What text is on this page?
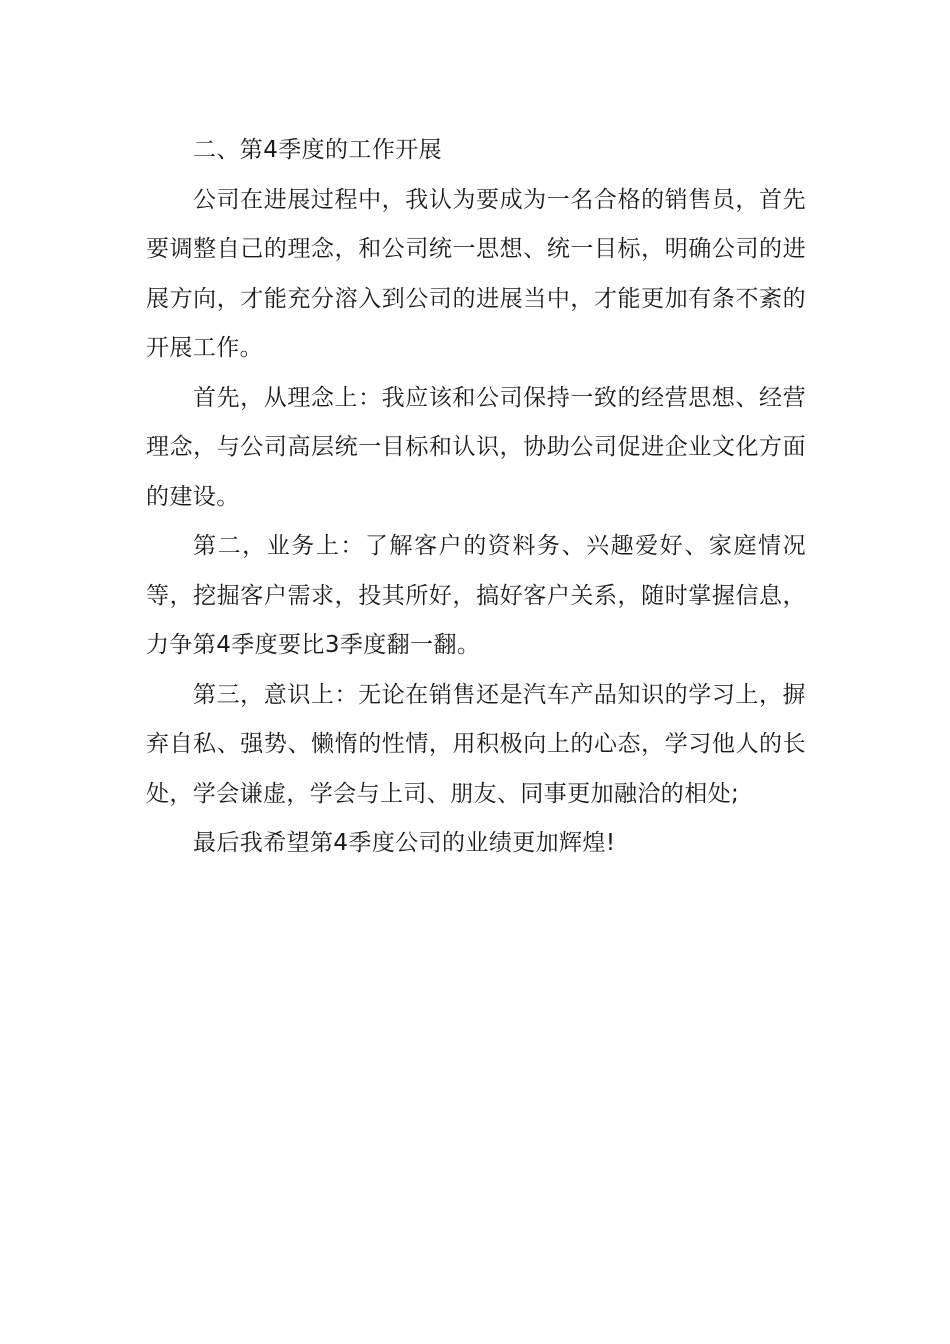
二、第4季度的工作开展

公司在进展过程中，我认为要成为一名合格的销售员，首先要调整自己的理念，和公司统一思想、统一目标，明确公司的进展方向，才能充分溶入到公司的进展当中，才能更加有条不紊的开展工作。

首先，从理念上：我应该和公司保持一致的经营思想、经营理念，与公司高层统一目标和认识，协助公司促进企业文化方面的建设。

第二，业务上：了解客户的资料务、兴趣爱好、家庭情况等，挖掘客户需求，投其所好，搞好客户关系，随时掌握信息，力争第4季度要比3季度翻一翻。

第三，意识上：无论在销售还是汽车产品知识的学习上，摒弃自私、强势、懒惰的性情，用积极向上的心态，学习他人的长处，学会谦虚，学会与上司、朋友、同事更加融洽的相处;

最后我希望第4季度公司的业绩更加辉煌!
